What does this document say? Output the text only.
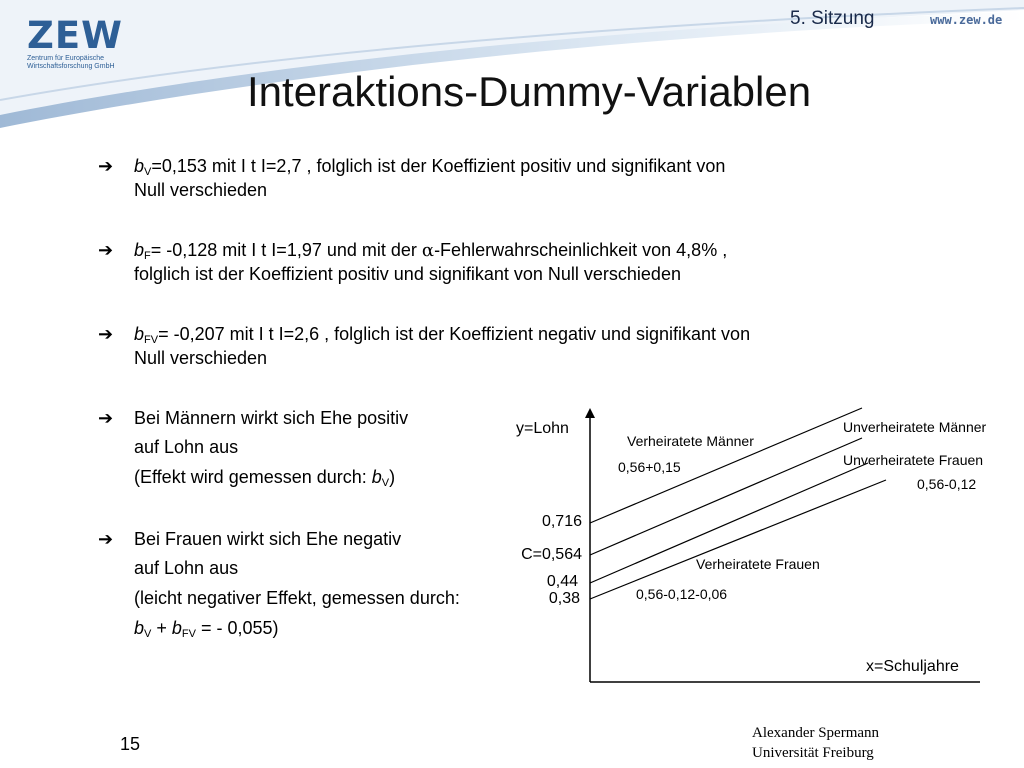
ZEW
Zentrum für Europäische
Wirtschaftsforschung GmbH
5. Sitzung	www.zew.de
Interaktions-Dummy-Variablen
➔ $b_V=0,153$ mit I t I=2,7 , folglich ist der Koeffizient positiv und signifikant von
Null verschieden
➔ $b_F= -0,128$ mit I t I=1,97 und mit der α-Fehlerwahrscheinlichkeit von 4,8% ,
folglich ist der Koeffizient positiv und signifikant von Null verschieden
➔ $b_{FV}= -0,207$ mit I t I=2,6 , folglich ist der Koeffizient negativ und signifikant von
Null verschieden
➔ Bei Männern wirkt sich Ehe positiv
auf Lohn aus
(Effekt wird gemessen durch: $b_V$)
➔ Bei Frauen wirkt sich Ehe negativ
auf Lohn aus
(leicht negativer Effekt, gemessen durch:
$b_V + b_{FV}$ = - 0,055)
y=Lohn
x=Schuljahre
0,716
C=0,564
0,44
0,38
Verheiratete Männer
0,56+0,15
Unverheiratete Männer
Unverheiratete Frauen
0,56-0,12
Verheiratete Frauen
0,56-0,12-0,06
15
Alexander Spermann
Universität Freiburg
